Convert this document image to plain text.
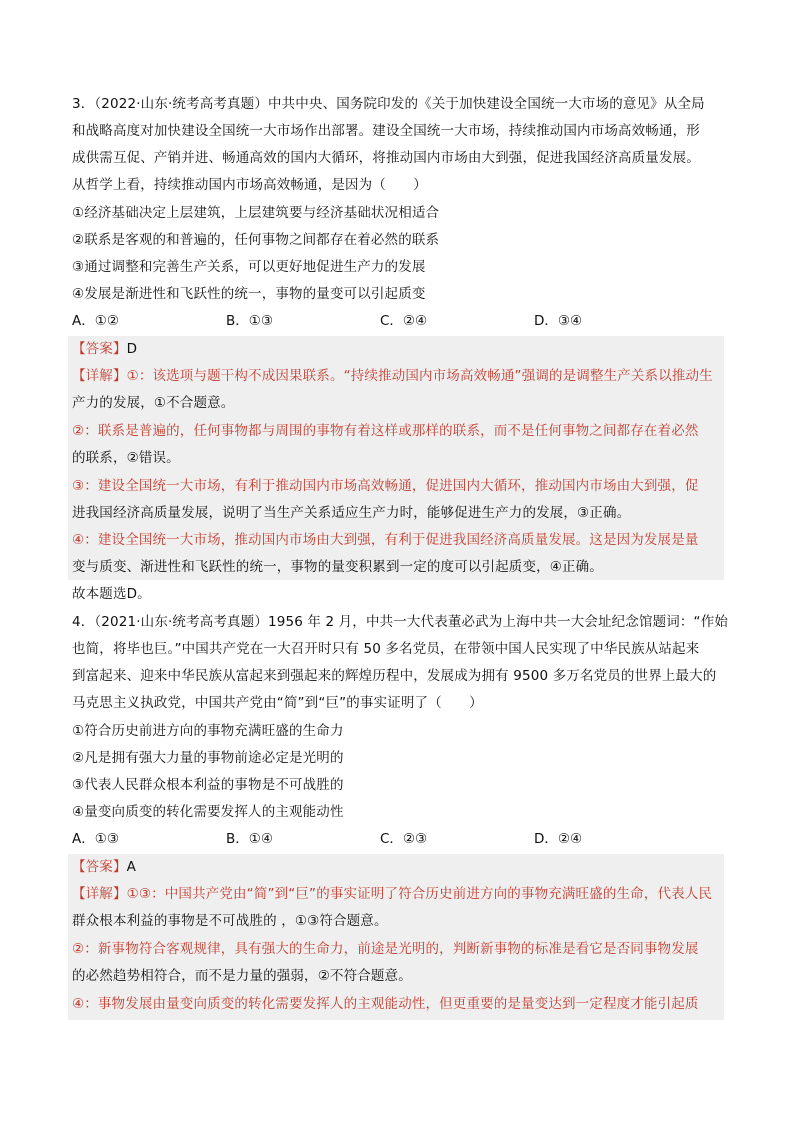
3．（2022·山东·统考高考真题）中共中央、国务院印发的《关于加快建设全国统一大市场的意见》从全局
和战略高度对加快建设全国统一大市场作出部署。建设全国统一大市场，持续推动国内市场高效畅通，形
成供需互促、产销并进、畅通高效的国内大循环，将推动国内市场由大到强，促进我国经济高质量发展。
从哲学上看，持续推动国内市场高效畅通，是因为（　　）
①经济基础决定上层建筑，上层建筑要与经济基础状况相适合
②联系是客观的和普遍的，任何事物之间都存在着必然的联系
③通过调整和完善生产关系，可以更好地促进生产力的发展
④发展是渐进性和飞跃性的统一，事物的量变可以引起质变
A．①②	B．①③	C．②④	D．③④
【答案】D
【详解】①：该选项与题干构不成因果联系。“持续推动国内市场高效畅通”强调的是调整生产关系以推动生
产力的发展，①不合题意。
②：联系是普遍的，任何事物都与周围的事物有着这样或那样的联系，而不是任何事物之间都存在着必然
的联系，②错误。
③：建设全国统一大市场，有利于推动国内市场高效畅通，促进国内大循环，推动国内市场由大到强，促
进我国经济高质量发展，说明了当生产关系适应生产力时，能够促进生产力的发展，③正确。
④：建设全国统一大市场，推动国内市场由大到强，有利于促进我国经济高质量发展。这是因为发展是量
变与质变、渐进性和飞跃性的统一，事物的量变积累到一定的度可以引起质变，④正确。
故本题选D。
4．（2021·山东·统考高考真题）1956 年 2 月，中共一大代表董必武为上海中共一大会址纪念馆题词：“作始
也简，将毕也巨。”中国共产党在一大召开时只有 50 多名党员，在带领中国人民实现了中华民族从站起来
到富起来、迎来中华民族从富起来到强起来的辉煌历程中，发展成为拥有 9500 多万名党员的世界上最大的
马克思主义执政党，中国共产党由“简”到“巨”的事实证明了（　　）
①符合历史前进方向的事物充满旺盛的生命力
②凡是拥有强大力量的事物前途必定是光明的
③代表人民群众根本利益的事物是不可战胜的
④量变向质变的转化需要发挥人的主观能动性
A．①③	B．①④	C．②③	D．②④
【答案】A
【详解】①③：中国共产党由“简”到“巨”的事实证明了符合历史前进方向的事物充满旺盛的生命，代表人民
群众根本利益的事物是不可战胜的 ，①③符合题意。
②：新事物符合客观规律，具有强大的生命力，前途是光明的，判断新事物的标准是看它是否同事物发展
的必然趋势相符合，而不是力量的强弱，②不符合题意。
④：事物发展由量变向质变的转化需要发挥人的主观能动性，但更重要的是量变达到一定程度才能引起质
